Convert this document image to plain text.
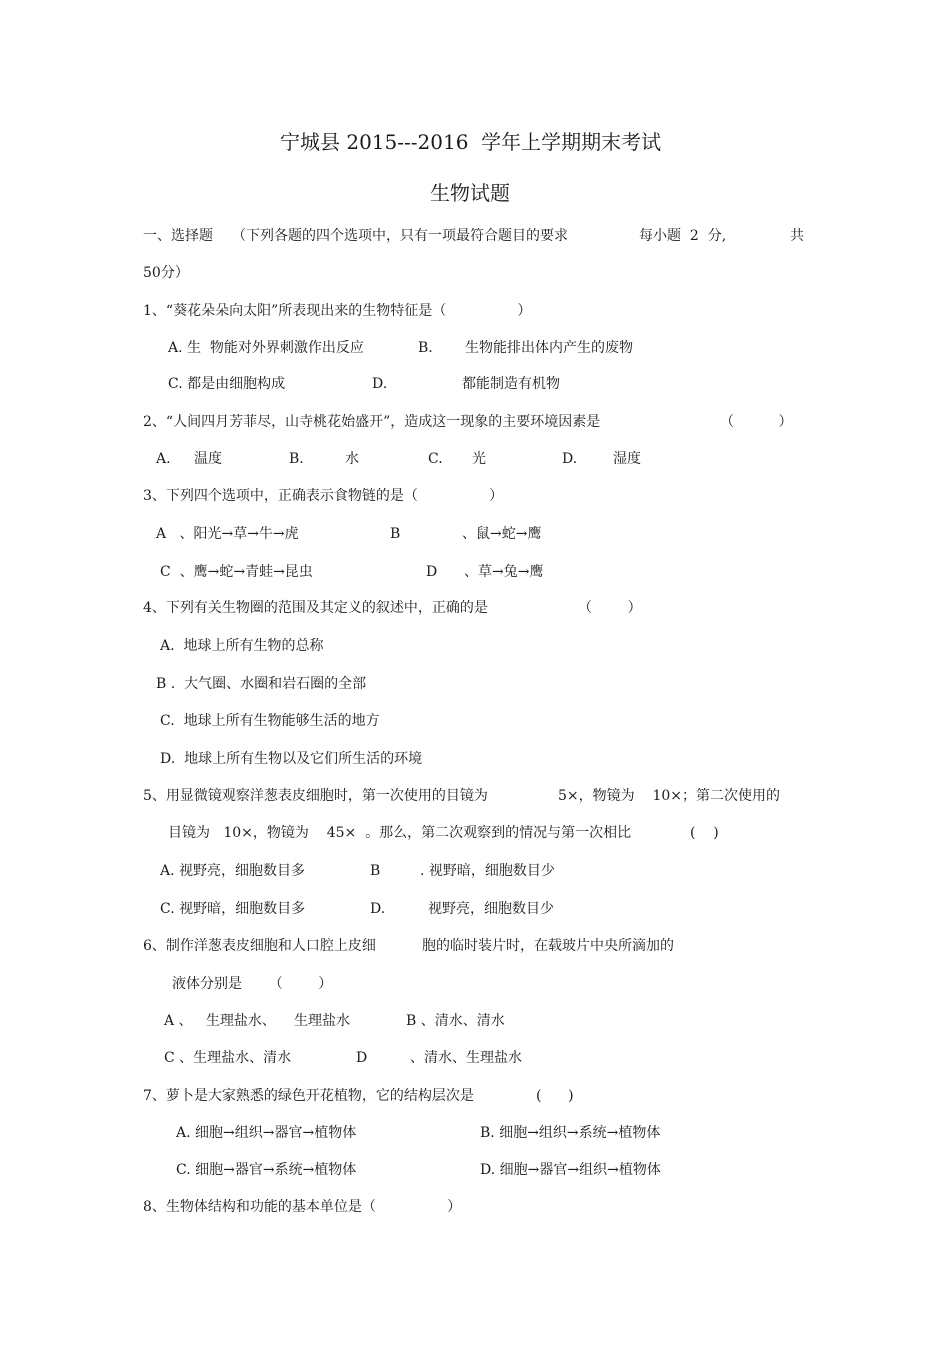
宁城县 2015---2016  学年上学期期末考试
生物试题
一、选择题 （下列各题的四个选项中，只有一项最符合题目的要求	每小题  2  分,	共
50分）
1、“葵花朵朵向太阳”所表现出来的生物特征是（                ）
A. 生  物能对外界刺激作出反应	B. 生物能排出体内产生的废物
C. 都是由细胞构成	D.	都能制造有机物
2、“人间四月芳菲尽，山寺桃花始盛开”，造成这一现象的主要环境因素是	（          ）
A. 温度	B.	水	C. 光	D.	湿度
3、下列四个选项中，正确表示食物链的是（                ）
A   、阳光→草→牛→虎	B	、鼠→蛇→鹰
C  、鹰→蛇→青蛙→昆虫	D 、草→兔→鹰
4、下列有关生物圈的范围及其定义的叙述中，正确的是	（        ）
A.  地球上所有生物的总称
B .  大气圈、水圈和岩石圈的全部
C.  地球上所有生物能够生活的地方
D.  地球上所有生物以及它们所生活的环境
5、用显微镜观察洋葱表皮细胞时，第一次使用的目镜为	5×，物镜为    10×；第二次使用的
目镜为   10×，物镜为    45×  。那么，第二次观察到的情况与第一次相比	(    )
A. 视野亮，细胞数目多	B	. 视野暗，细胞数目少
C. 视野暗，细胞数目多	D.	视野亮，细胞数目少
6、制作洋葱表皮细胞和人口腔上皮细	胞的临时装片时，在载玻片中央所滴加的
液体分别是      （        ）
A 、   生理盐水、 生理盐水	B 、清水、清水
C 、生理盐水、清水	D	、清水、生理盐水
7、萝卜是大家熟悉的绿色开花植物，它的结构层次是	(      )
A. 细胞→组织→器官→植物体	B. 细胞→组织→系统→植物体
C. 细胞→器官→系统→植物体	D. 细胞→器官→组织→植物体
8、生物体结构和功能的基本单位是（                ）
